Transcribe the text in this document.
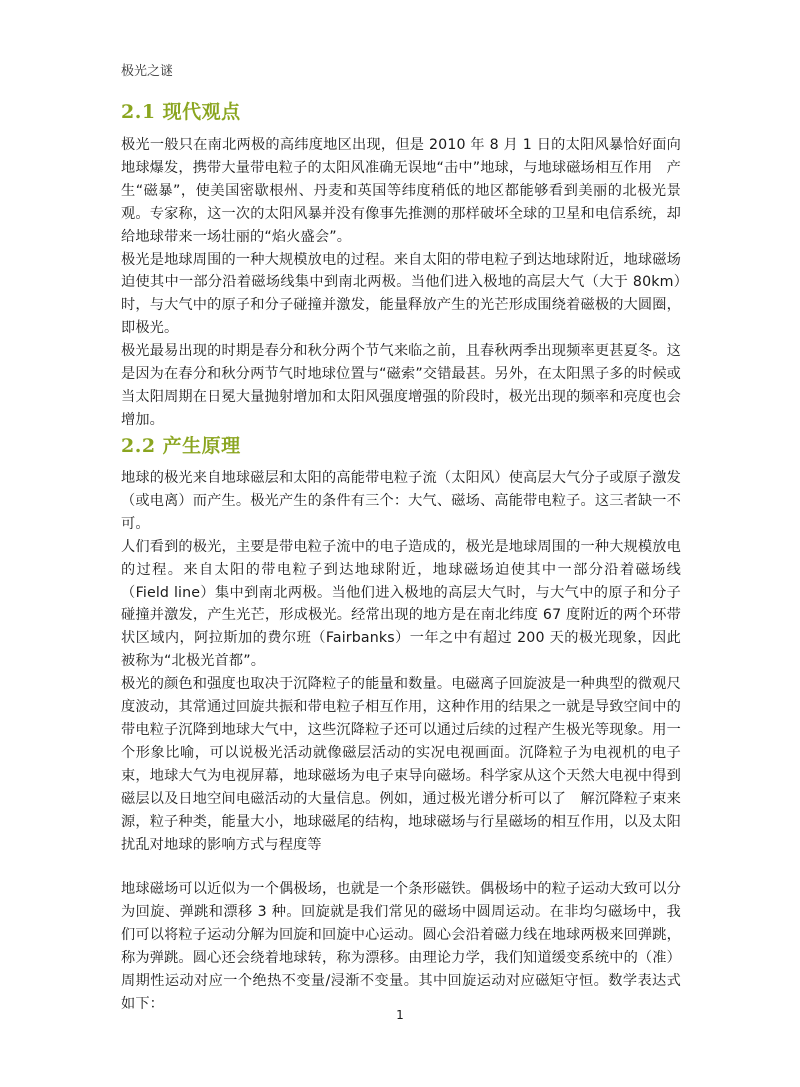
极光之谜
2.1 现代观点

极光一般只在南北两极的高纬度地区出现，但是 2010 年 8 月 1 日的太阳风暴恰好面向地球爆发，携带大量带电粒子的太阳风准确无误地“击中”地球，与地球磁场相互作用　产生“磁暴”，使美国密歇根州、丹麦和英国等纬度稍低的地区都能够看到美丽的北极光景观。专家称，这一次的太阳风暴并没有像事先推测的那样破坏全球的卫星和电信系统，却给地球带来一场壮丽的“焰火盛会”。

极光是地球周围的一种大规模放电的过程。来自太阳的带电粒子到达地球附近，地球磁场迫使其中一部分沿着磁场线集中到南北两极。当他们进入极地的高层大气（大于 80km）时，与大气中的原子和分子碰撞并激发，能量释放产生的光芒形成围绕着磁极的大圆圈，即极光。

极光最易出现的时期是春分和秋分两个节气来临之前，且春秋两季出现频率更甚夏冬。这是因为在春分和秋分两节气时地球位置与“磁索”交错最甚。另外，在太阳黑子多的时候或当太阳周期在日冕大量抛射增加和太阳风强度增强的阶段时，极光出现的频率和亮度也会增加。

2.2 产生原理

地球的极光来自地球磁层和太阳的高能带电粒子流（太阳风）使高层大气分子或原子激发（或电离）而产生。极光产生的条件有三个：大气、磁场、高能带电粒子。这三者缺一不可。

人们看到的极光，主要是带电粒子流中的电子造成的，极光是地球周围的一种大规模放电的过程。来自太阳的带电粒子到达地球附近，地球磁场迫使其中一部分沿着磁场线（Field line）集中到南北两极。当他们进入极地的高层大气时，与大气中的原子和分子碰撞并激发，产生光芒，形成极光。经常出现的地方是在南北纬度 67 度附近的两个环带状区域内，阿拉斯加的费尔班（Fairbanks）一年之中有超过 200 天的极光现象，因此被称为“北极光首都”。

极光的颜色和强度也取决于沉降粒子的能量和数量。电磁离子回旋波是一种典型的微观尺度波动，其常通过回旋共振和带电粒子相互作用，这种作用的结果之一就是导致空间中的带电粒子沉降到地球大气中，这些沉降粒子还可以通过后续的过程产生极光等现象。用一个形象比喻，可以说极光活动就像磁层活动的实况电视画面。沉降粒子为电视机的电子束，地球大气为电视屏幕，地球磁场为电子束导向磁场。科学家从这个天然大电视中得到磁层以及日地空间电磁活动的大量信息。例如，通过极光谱分析可以了　解沉降粒子束来源，粒子种类，能量大小，地球磁尾的结构，地球磁场与行星磁场的相互作用，以及太阳扰乱对地球的影响方式与程度等

地球磁场可以近似为一个偶极场，也就是一个条形磁铁。偶极场中的粒子运动大致可以分为回旋、弹跳和漂移 3 种。回旋就是我们常见的磁场中圆周运动。在非均匀磁场中，我们可以将粒子运动分解为回旋和回旋中心运动。圆心会沿着磁力线在地球两极来回弹跳，称为弹跳。圆心还会绕着地球转，称为漂移。由理论力学，我们知道缓变系统中的（准）周期性运动对应一个绝热不变量/浸渐不变量。其中回旋运动对应磁矩守恒。数学表达式如下：

1
